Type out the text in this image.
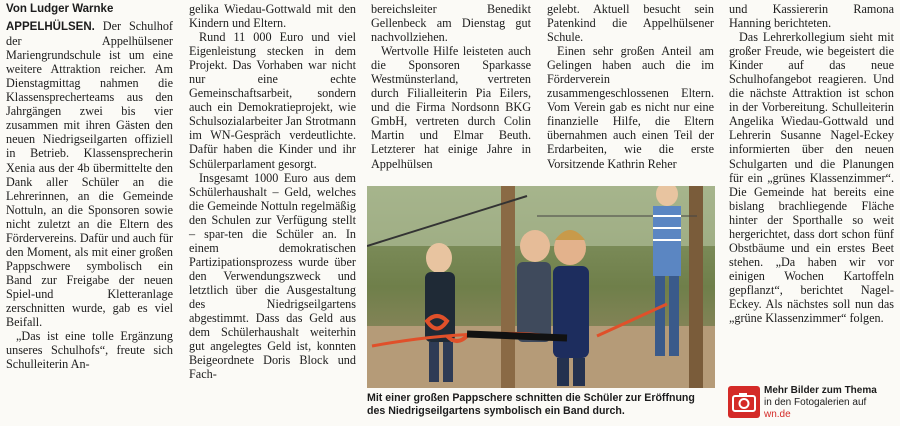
Von Ludger Warnke

APPELHÜLSEN. Der Schulhof der Appelhülsener Mariengrundschule ist um eine weitere Attraktion reicher. Am Dienstagmittag nahmen die Klassensprecherteams aus den Jahrgängen zwei bis vier zusammen mit ihren Gästen den neuen Niedrigseilgarten offiziell in Betrieb. Klassensprecherin Xenia aus der 4b übermittelte den Dank aller Schüler an die Lehrerinnen, an die Gemeinde Nottuln, an die Sponsoren sowie nicht zuletzt an die Eltern des Fördervereins. Dafür und auch für den Moment, als mit einer großen Pappschwere symbolisch ein Band zur Freigabe der neuen Spiel-und Kletteranlage zerschnitten wurde, gab es viel Beifall.

„Das ist eine tolle Ergänzung unseres Schulhofs“, freute sich Schulleiterin An-

gelika Wiedau-Gottwald mit den Kindern und Eltern.

Rund 11 000 Euro und viel Eigenleistung stecken in dem Projekt. Das Vorhaben war nicht nur eine echte Gemeinschaftsarbeit, sondern auch ein Demokratieprojekt, wie Schulsozialarbeiter Jan Strotmann im WN-Gespräch verdeutlichte. Dafür haben die Kinder und ihr Schülerparlament gesorgt.

Insgesamt 1000 Euro aus dem Schülerhaushalt – Geld, welches die Gemeinde Nottuln regelmäßig den Schulen zur Verfügung stellt – spar-ten die Schüler an. In einem demokratischen Partizipationsprozess wurde über den Verwendungszweck und letztlich über die Ausgestaltung des Niedrigseilgartens abgestimmt. Dass das Geld aus dem Schülerhaushalt weiterhin gut angelegtes Geld ist, konnten Beigeordnete Doris Block und Fach-

bereichsleiter Benedikt Gellenbeck am Dienstag gut nachvollziehen.

Wertvolle Hilfe leisteten auch die Sponsoren Sparkasse Westmünsterland, vertreten durch Filialleiterin Pia Eilers, und die Firma Nordsonn BKG GmbH, vertreten durch Colin Martin und Elmar Beuth. Letzterer hat einige Jahre in Appelhülsen

gelebt. Aktuell besucht sein Patenkind die Appelhülsener Schule.

Einen sehr großen Anteil am Gelingen haben auch die im Förderverein zusammengeschlossenen Eltern. Vom Verein gab es nicht nur eine finanzielle Hilfe, die Eltern übernahmen auch einen Teil der Erdarbeiten, wie die erste Vorsitzende Kathrin Reher

und Kassiererin Ramona Hanning berichteten.

Das Lehrerkollegium sieht mit großer Freude, wie begeistert die Kinder auf das neue Schulhofangebot reagieren. Und die nächste Attraktion ist schon in der Vorbereitung. Schulleiterin Angelika Wiedau-Gottwald und Lehrerin Susanne Nagel-Eckey informierten über den neuen Schulgarten und die Planungen für ein „grünes Klassenzimmer“. Die Gemeinde hat bereits eine bislang brachliegende Fläche hinter der Sporthalle so weit hergerichtet, dass dort schon fünf Obstbäume und ein erstes Beet stehen. „Da haben wir vor einigen Wochen Kartoffeln gepflanzt“, berichtet Nagel-Eckey. Als nächstes soll nun das „grüne Klassenzimmer“ folgen.

Mit einer großen Pappschere schnitten die Schüler zur Eröffnung des Niedrigseilgartens symbolisch ein Band durch.
Mehr Bilder zum Thema
in den Fotogalerien auf
wn.de
